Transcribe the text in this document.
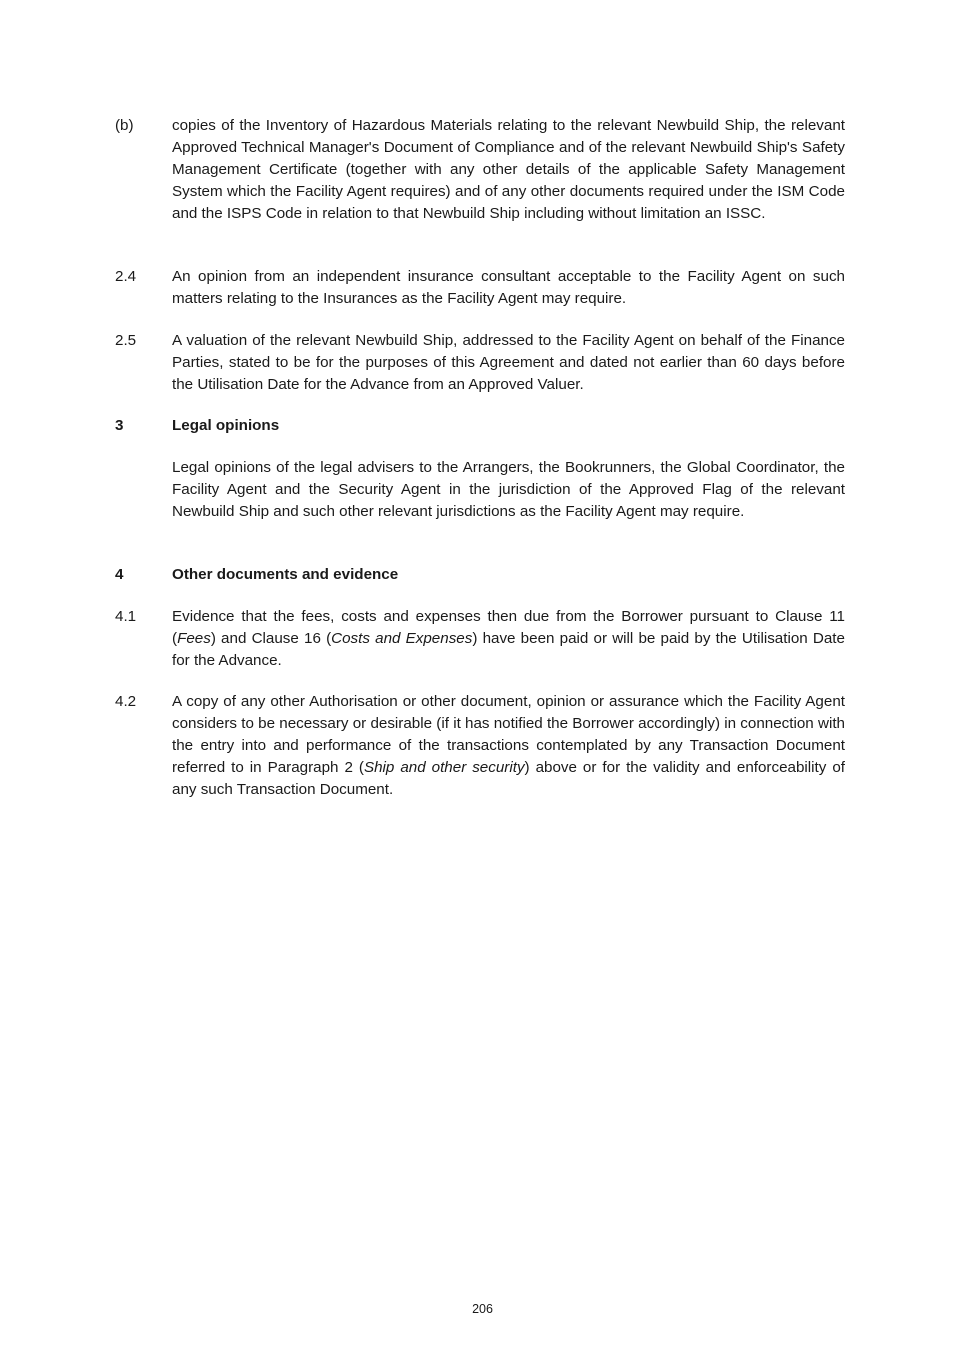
(b)	copies of the Inventory of Hazardous Materials relating to the relevant Newbuild Ship, the relevant Approved Technical Manager's Document of Compliance and of the relevant Newbuild Ship's Safety Management Certificate (together with any other details of the applicable Safety Management System which the Facility Agent requires) and of any other documents required under the ISM Code and the ISPS Code in relation to that Newbuild Ship including without limitation an ISSC.
2.4	An opinion from an independent insurance consultant acceptable to the Facility Agent on such matters relating to the Insurances as the Facility Agent may require.
2.5	A valuation of the relevant Newbuild Ship, addressed to the Facility Agent on behalf of the Finance Parties, stated to be for the purposes of this Agreement and dated not earlier than 60 days before the Utilisation Date for the Advance from an Approved Valuer.
3	Legal opinions
Legal opinions of the legal advisers to the Arrangers, the Bookrunners, the Global Coordinator, the Facility Agent and the Security Agent in the jurisdiction of the Approved Flag of the relevant Newbuild Ship and such other relevant jurisdictions as the Facility Agent may require.
4	Other documents and evidence
4.1	Evidence that the fees, costs and expenses then due from the Borrower pursuant to Clause 11 (Fees) and Clause 16 (Costs and Expenses) have been paid or will be paid by the Utilisation Date for the Advance.
4.2	A copy of any other Authorisation or other document, opinion or assurance which the Facility Agent considers to be necessary or desirable (if it has notified the Borrower accordingly) in connection with the entry into and performance of the transactions contemplated by any Transaction Document referred to in Paragraph 2 (Ship and other security) above or for the validity and enforceability of any such Transaction Document.
206
